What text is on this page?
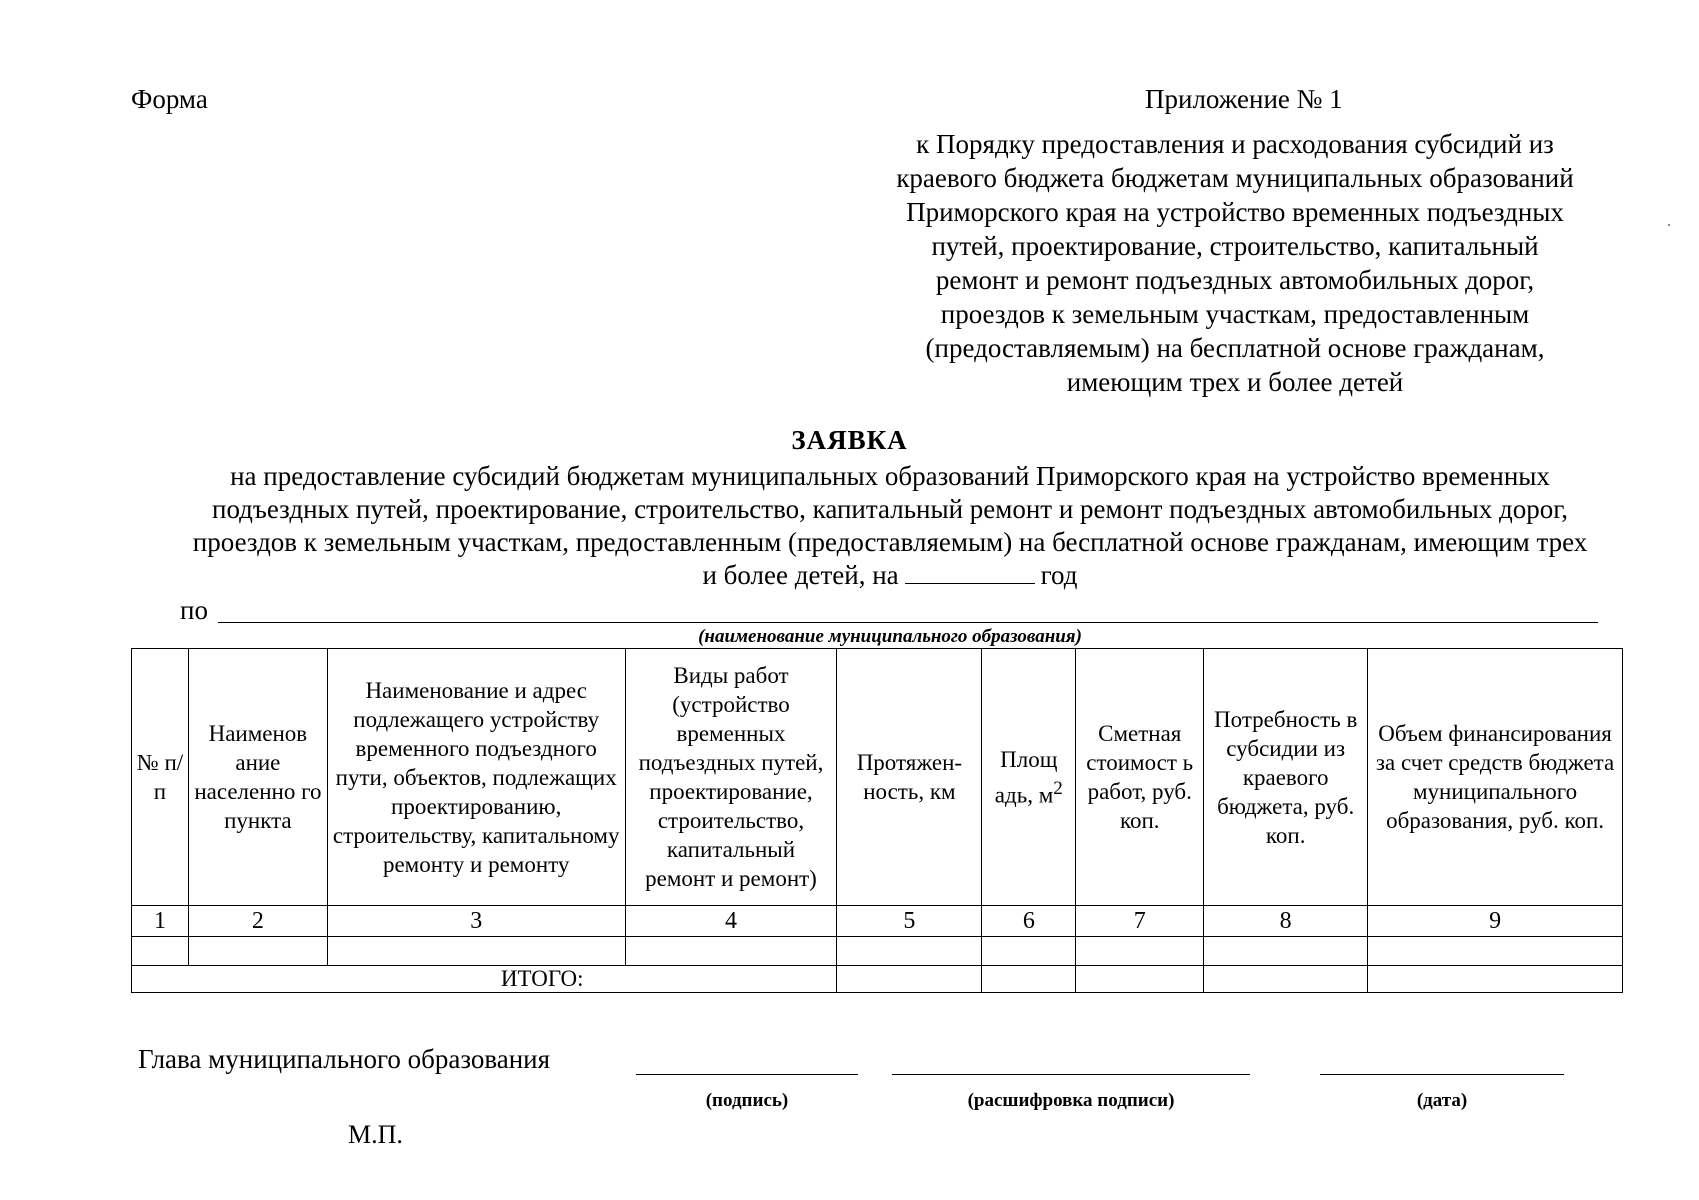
Форма	Приложение № 1
к Порядку предоставления и расходования субсидий из
краевого бюджета бюджетам муниципальных образований
Приморского края на устройство временных подъездных
путей, проектирование, строительство, капитальный
ремонт и ремонт подъездных автомобильных дорог,
проездов к земельным участкам, предоставленным
(предоставляемым) на бесплатной основе гражданам,
имеющим трех и более детей
ЗАЯВКА
на предоставление субсидий бюджетам муниципальных образований Приморского края на устройство временных
подъездных путей, проектирование, строительство, капитальный ремонт и ремонт подъездных автомобильных дорог,
проездов к земельным участкам, предоставленным (предоставляемым) на бесплатной основе гражданам, имеющим трех
и более детей, на	год
по
(наименование муниципального образования)
№ п/п	Наименов ание населенно го пункта	Наименование и адрес подлежащего устройству временного подъездного пути, объектов, подлежащих проектированию, строительству, капитальному ремонту и ремонту	Виды работ (устройство временных подъездных путей, проектирование, строительство, капитальный ремонт и ремонт)	Протяжен-ность, км	Площ адь, $м^2$	Сметная стоимост ь работ, руб. коп.	Потребность в субсидии из краевого бюджета, руб. коп.	Объем финансирования за счет средств бюджета муниципального образования, руб. коп.
1	2	3	4	5	6	7	8	9

ИТОГО:								
Глава муниципального образования
(подпись)	(расшифровка подписи)	(дата)
М.П.
